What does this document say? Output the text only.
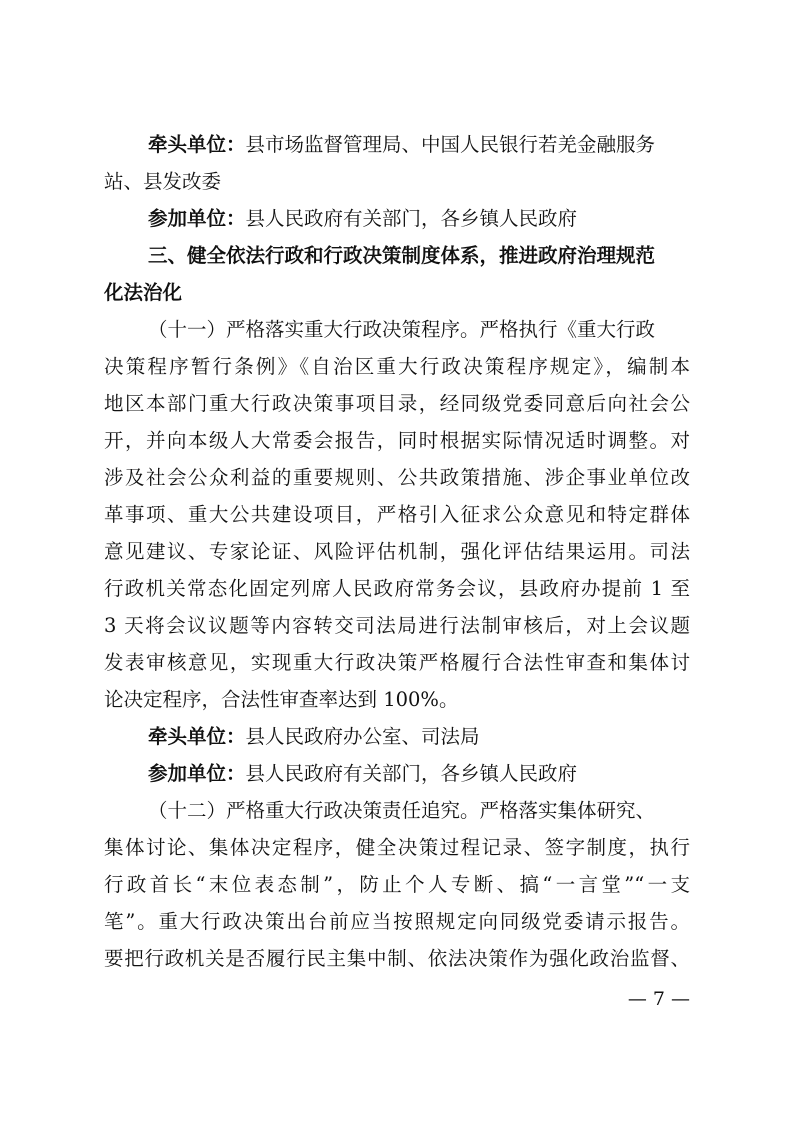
牵头单位：县市场监督管理局、中国人民银行若羌金融服务
站、县发改委
参加单位：县人民政府有关部门，各乡镇人民政府
三、健全依法行政和行政决策制度体系，推进政府治理规范
化法治化
（十一）严格落实重大行政决策程序。严格执行《重大行政
决策程序暂行条例》《自治区重大行政决策程序规定》，编制本
地区本部门重大行政决策事项目录，经同级党委同意后向社会公
开，并向本级人大常委会报告，同时根据实际情况适时调整。对
涉及社会公众利益的重要规则、公共政策措施、涉企事业单位改
革事项、重大公共建设项目，严格引入征求公众意见和特定群体
意见建议、专家论证、风险评估机制，强化评估结果运用。司法
行政机关常态化固定列席人民政府常务会议，县政府办提前 1 至
3 天将会议议题等内容转交司法局进行法制审核后，对上会议题
发表审核意见，实现重大行政决策严格履行合法性审查和集体讨
论决定程序，合法性审查率达到 100%。
牵头单位：县人民政府办公室、司法局
参加单位：县人民政府有关部门，各乡镇人民政府
（十二）严格重大行政决策责任追究。严格落实集体研究、
集体讨论、集体决定程序，健全决策过程记录、签字制度，执行
行政首长“末位表态制”，防止个人专断、搞“一言堂”“一支
笔”。重大行政决策出台前应当按照规定向同级党委请示报告。
要把行政机关是否履行民主集中制、依法决策作为强化政治监督、
— 7 —
